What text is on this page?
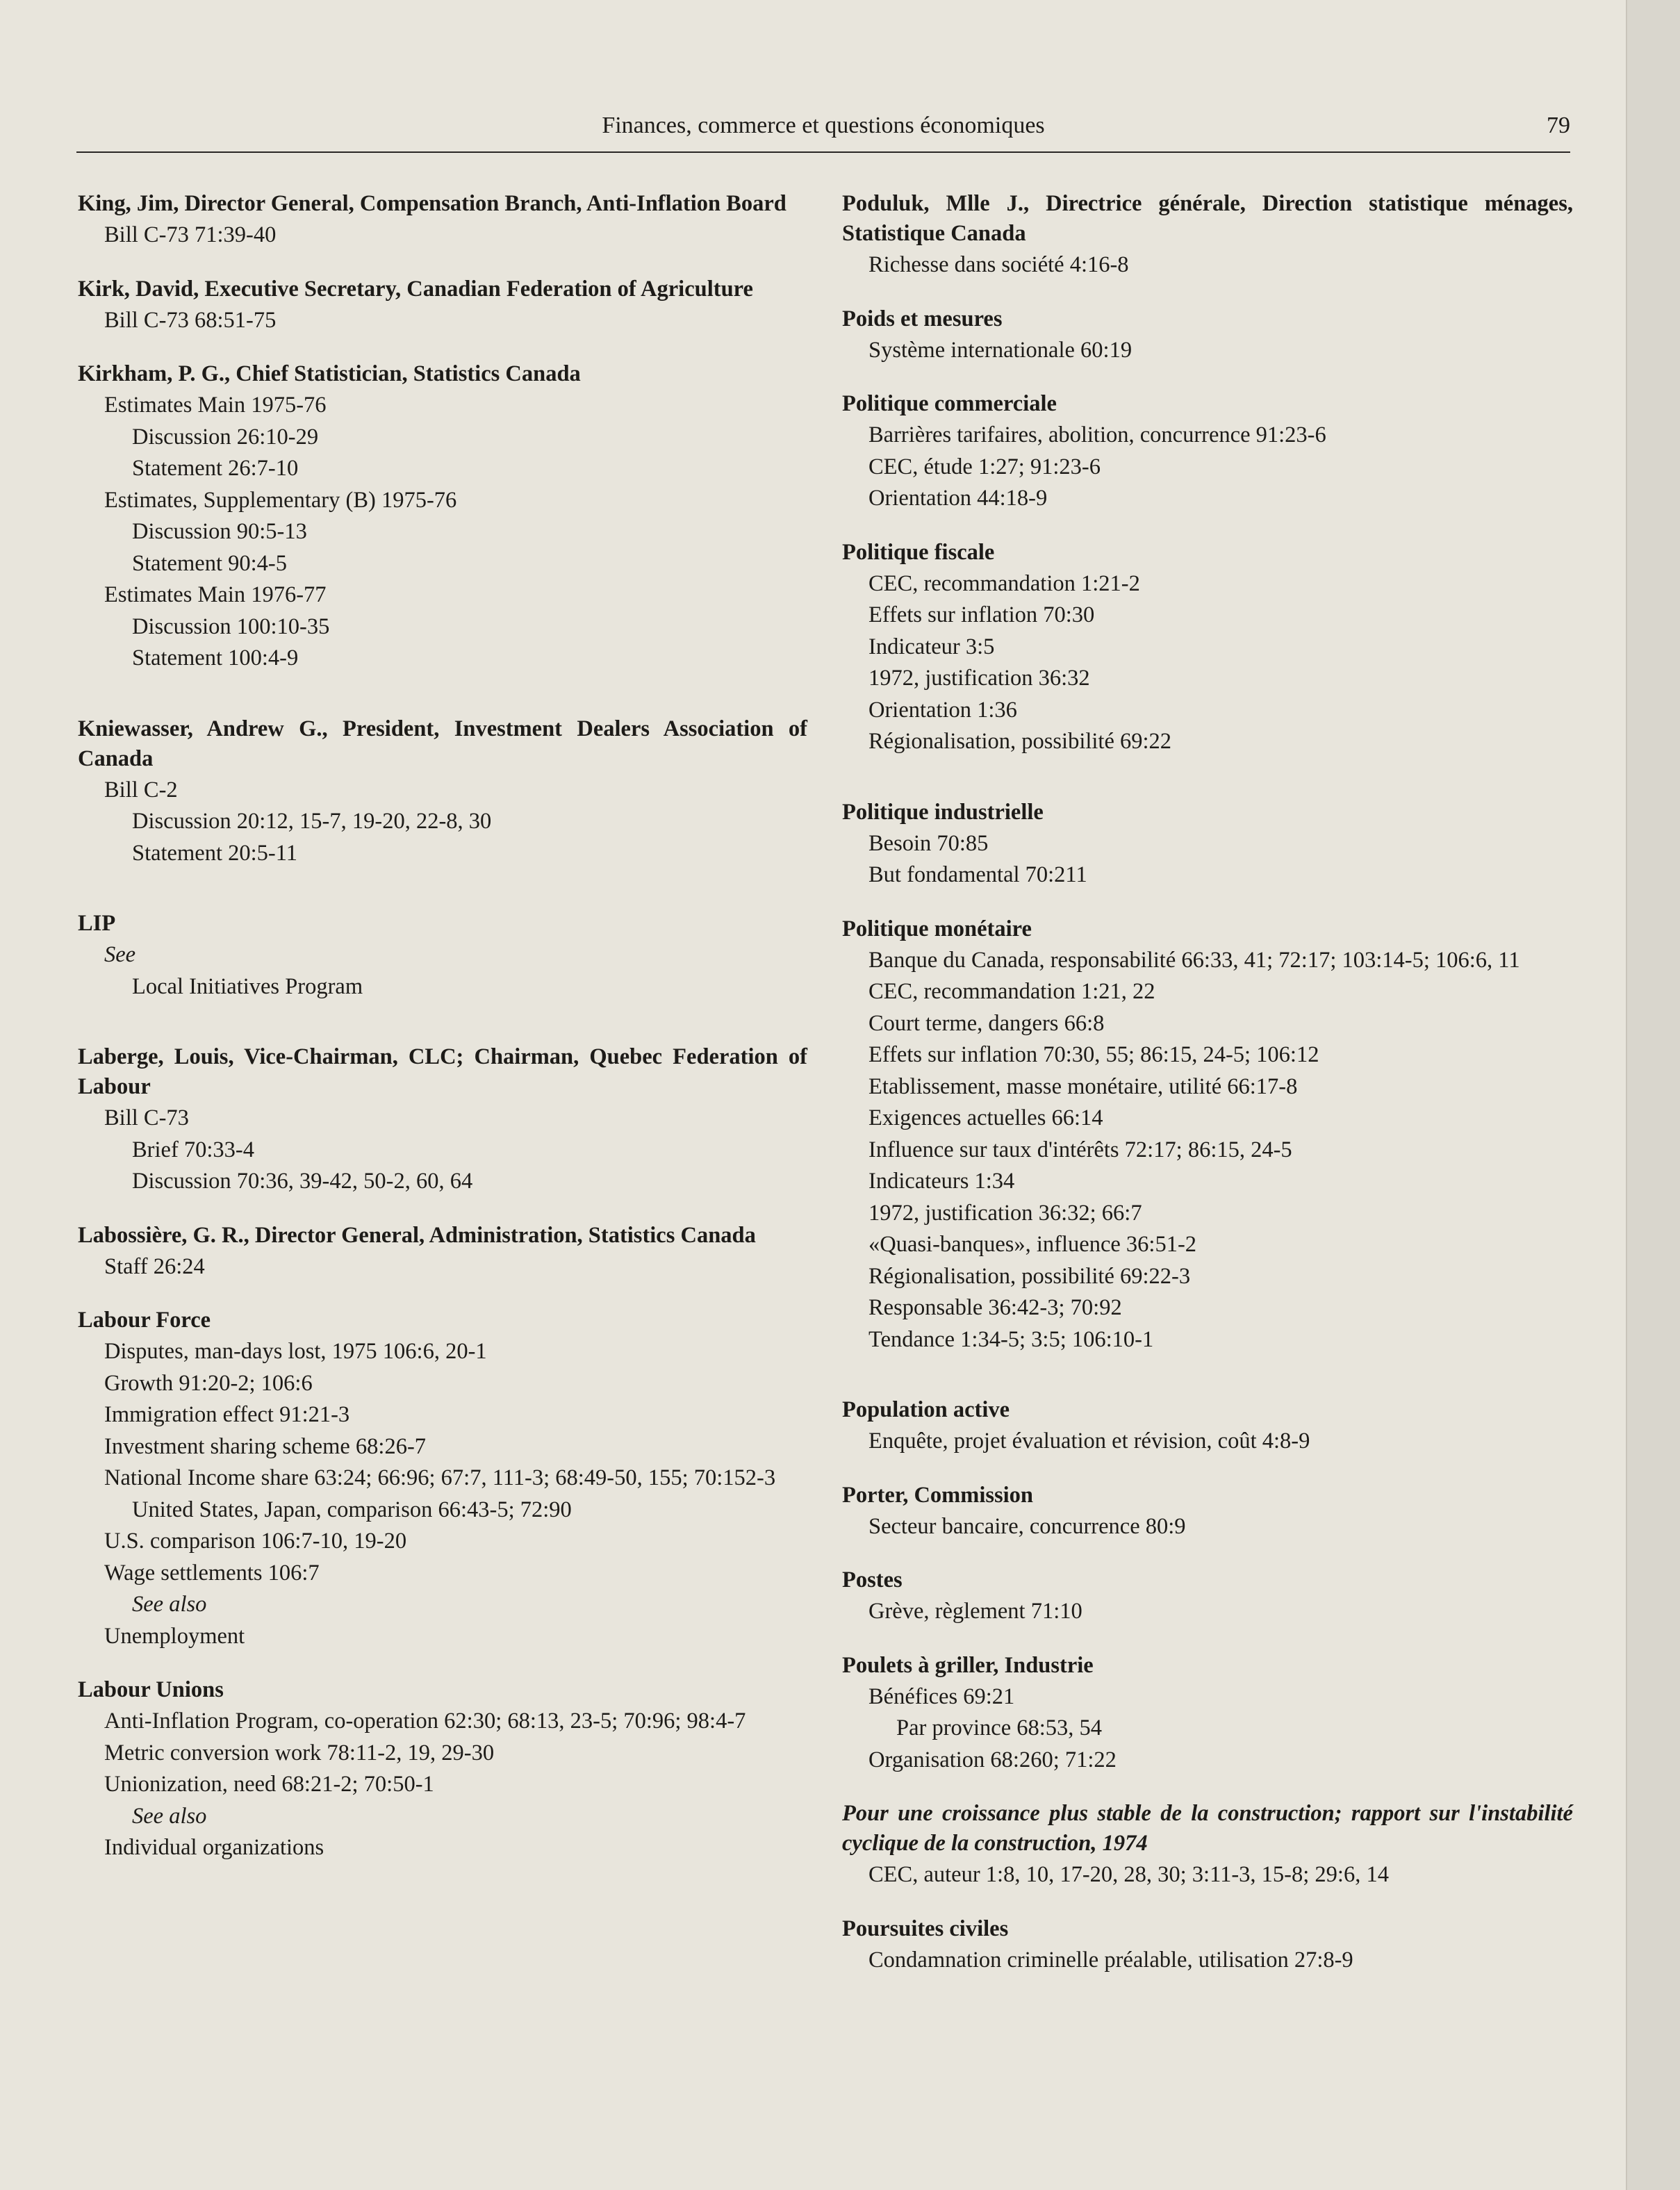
Finances, commerce et questions économiques	79
King, Jim, Director General, Compensation Branch, Anti-Inflation Board
Bill C-73 71:39-40
Kirk, David, Executive Secretary, Canadian Federation of Agriculture
Bill C-73 68:51-75
Kirkham, P. G., Chief Statistician, Statistics Canada
Estimates Main 1975-76
Discussion 26:10-29
Statement 26:7-10
Estimates, Supplementary (B) 1975-76
Discussion 90:5-13
Statement 90:4-5
Estimates Main 1976-77
Discussion 100:10-35
Statement 100:4-9
Kniewasser, Andrew G., President, Investment Dealers Association of Canada
Bill C-2
Discussion 20:12, 15-7, 19-20, 22-8, 30
Statement 20:5-11
LIP
See
Local Initiatives Program
Laberge, Louis, Vice-Chairman, CLC; Chairman, Quebec Federation of Labour
Bill C-73
Brief 70:33-4
Discussion 70:36, 39-42, 50-2, 60, 64
Labossière, G. R., Director General, Administration, Statistics Canada
Staff 26:24
Labour Force
Disputes, man-days lost, 1975 106:6, 20-1
Growth 91:20-2; 106:6
Immigration effect 91:21-3
Investment sharing scheme 68:26-7
National Income share 63:24; 66:96; 67:7, 111-3; 68:49-50, 155; 70:152-3
United States, Japan, comparison 66:43-5; 72:90
U.S. comparison 106:7-10, 19-20
Wage settlements 106:7
See also
Unemployment
Labour Unions
Anti-Inflation Program, co-operation 62:30; 68:13, 23-5; 70:96; 98:4-7
Metric conversion work 78:11-2, 19, 29-30
Unionization, need 68:21-2; 70:50-1
See also
Individual organizations
Poduluk, Mlle J., Directrice générale, Direction statistique ménages, Statistique Canada
Richesse dans société 4:16-8
Poids et mesures
Système internationale 60:19
Politique commerciale
Barrières tarifaires, abolition, concurrence 91:23-6
CEC, étude 1:27; 91:23-6
Orientation 44:18-9
Politique fiscale
CEC, recommandation 1:21-2
Effets sur inflation 70:30
Indicateur 3:5
1972, justification 36:32
Orientation 1:36
Régionalisation, possibilité 69:22
Politique industrielle
Besoin 70:85
But fondamental 70:211
Politique monétaire
Banque du Canada, responsabilité 66:33, 41; 72:17; 103:14-5; 106:6, 11
CEC, recommandation 1:21, 22
Court terme, dangers 66:8
Effets sur inflation 70:30, 55; 86:15, 24-5; 106:12
Etablissement, masse monétaire, utilité 66:17-8
Exigences actuelles 66:14
Influence sur taux d'intérêts 72:17; 86:15, 24-5
Indicateurs 1:34
1972, justification 36:32; 66:7
«Quasi-banques», influence 36:51-2
Régionalisation, possibilité 69:22-3
Responsable 36:42-3; 70:92
Tendance 1:34-5; 3:5; 106:10-1
Population active
Enquête, projet évaluation et révision, coût 4:8-9
Porter, Commission
Secteur bancaire, concurrence 80:9
Postes
Grève, règlement 71:10
Poulets à griller, Industrie
Bénéfices 69:21
Par province 68:53, 54
Organisation 68:260; 71:22
Pour une croissance plus stable de la construction; rapport sur l'instabilité cyclique de la construction, 1974
CEC, auteur 1:8, 10, 17-20, 28, 30; 3:11-3, 15-8; 29:6, 14
Poursuites civiles
Condamnation criminelle préalable, utilisation 27:8-9
